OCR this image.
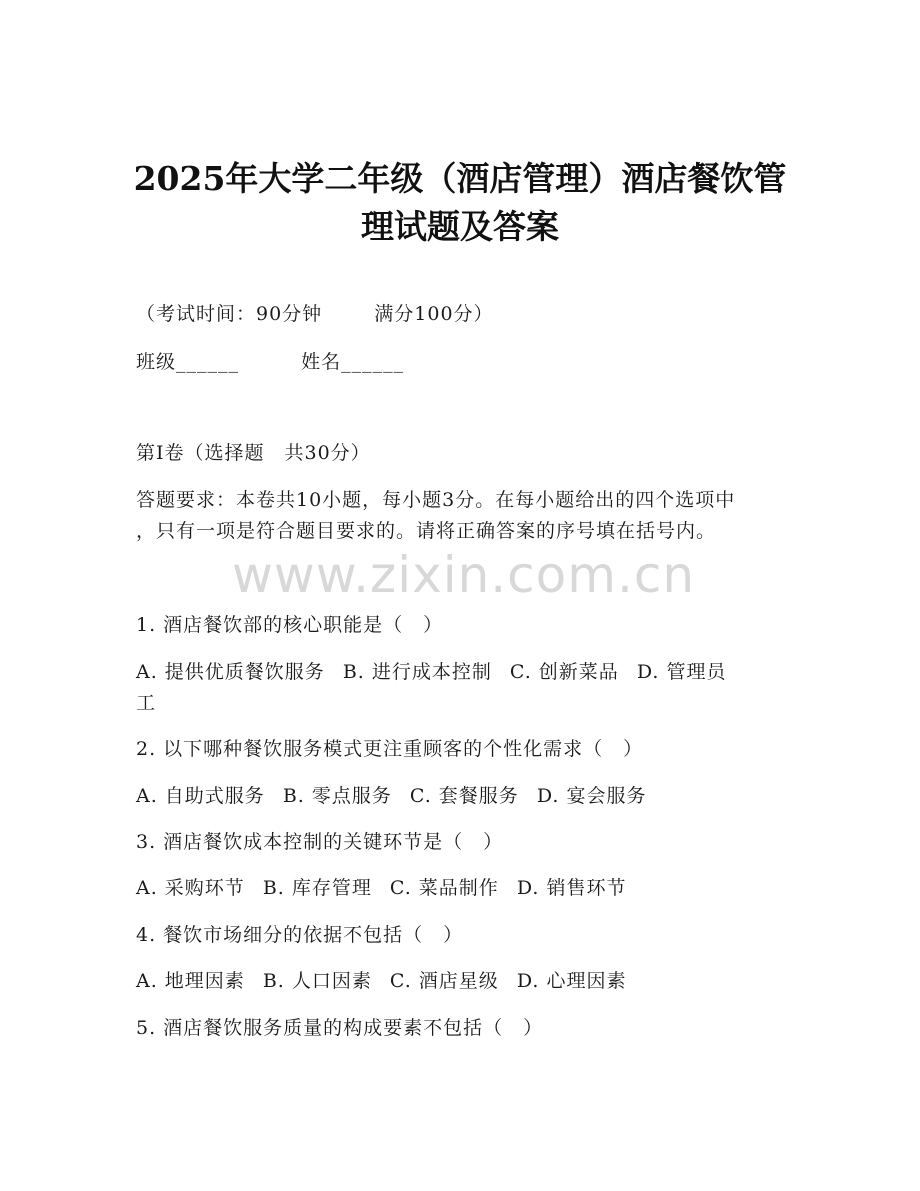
2025年大学二年级（酒店管理）酒店餐饮管
理试题及答案
（考试时间：90分钟	满分100分）
班级______	姓名______
第I卷（选择题　共30分）
答题要求：本卷共10小题，每小题3分。在每小题给出的四个选项中
，只有一项是符合题目要求的。请将正确答案的序号填在括号内。
www.zixin.com.cn
1. 酒店餐饮部的核心职能是（　）
A. 提供优质餐饮服务 B. 进行成本控制 C. 创新菜品 D. 管理员
工
2. 以下哪种餐饮服务模式更注重顾客的个性化需求（　）
A. 自助式服务 B. 零点服务 C. 套餐服务 D. 宴会服务
3. 酒店餐饮成本控制的关键环节是（　）
A. 采购环节 B. 库存管理 C. 菜品制作 D. 销售环节
4. 餐饮市场细分的依据不包括（　）
A. 地理因素 B. 人口因素 C. 酒店星级 D. 心理因素
5. 酒店餐饮服务质量的构成要素不包括（　）
